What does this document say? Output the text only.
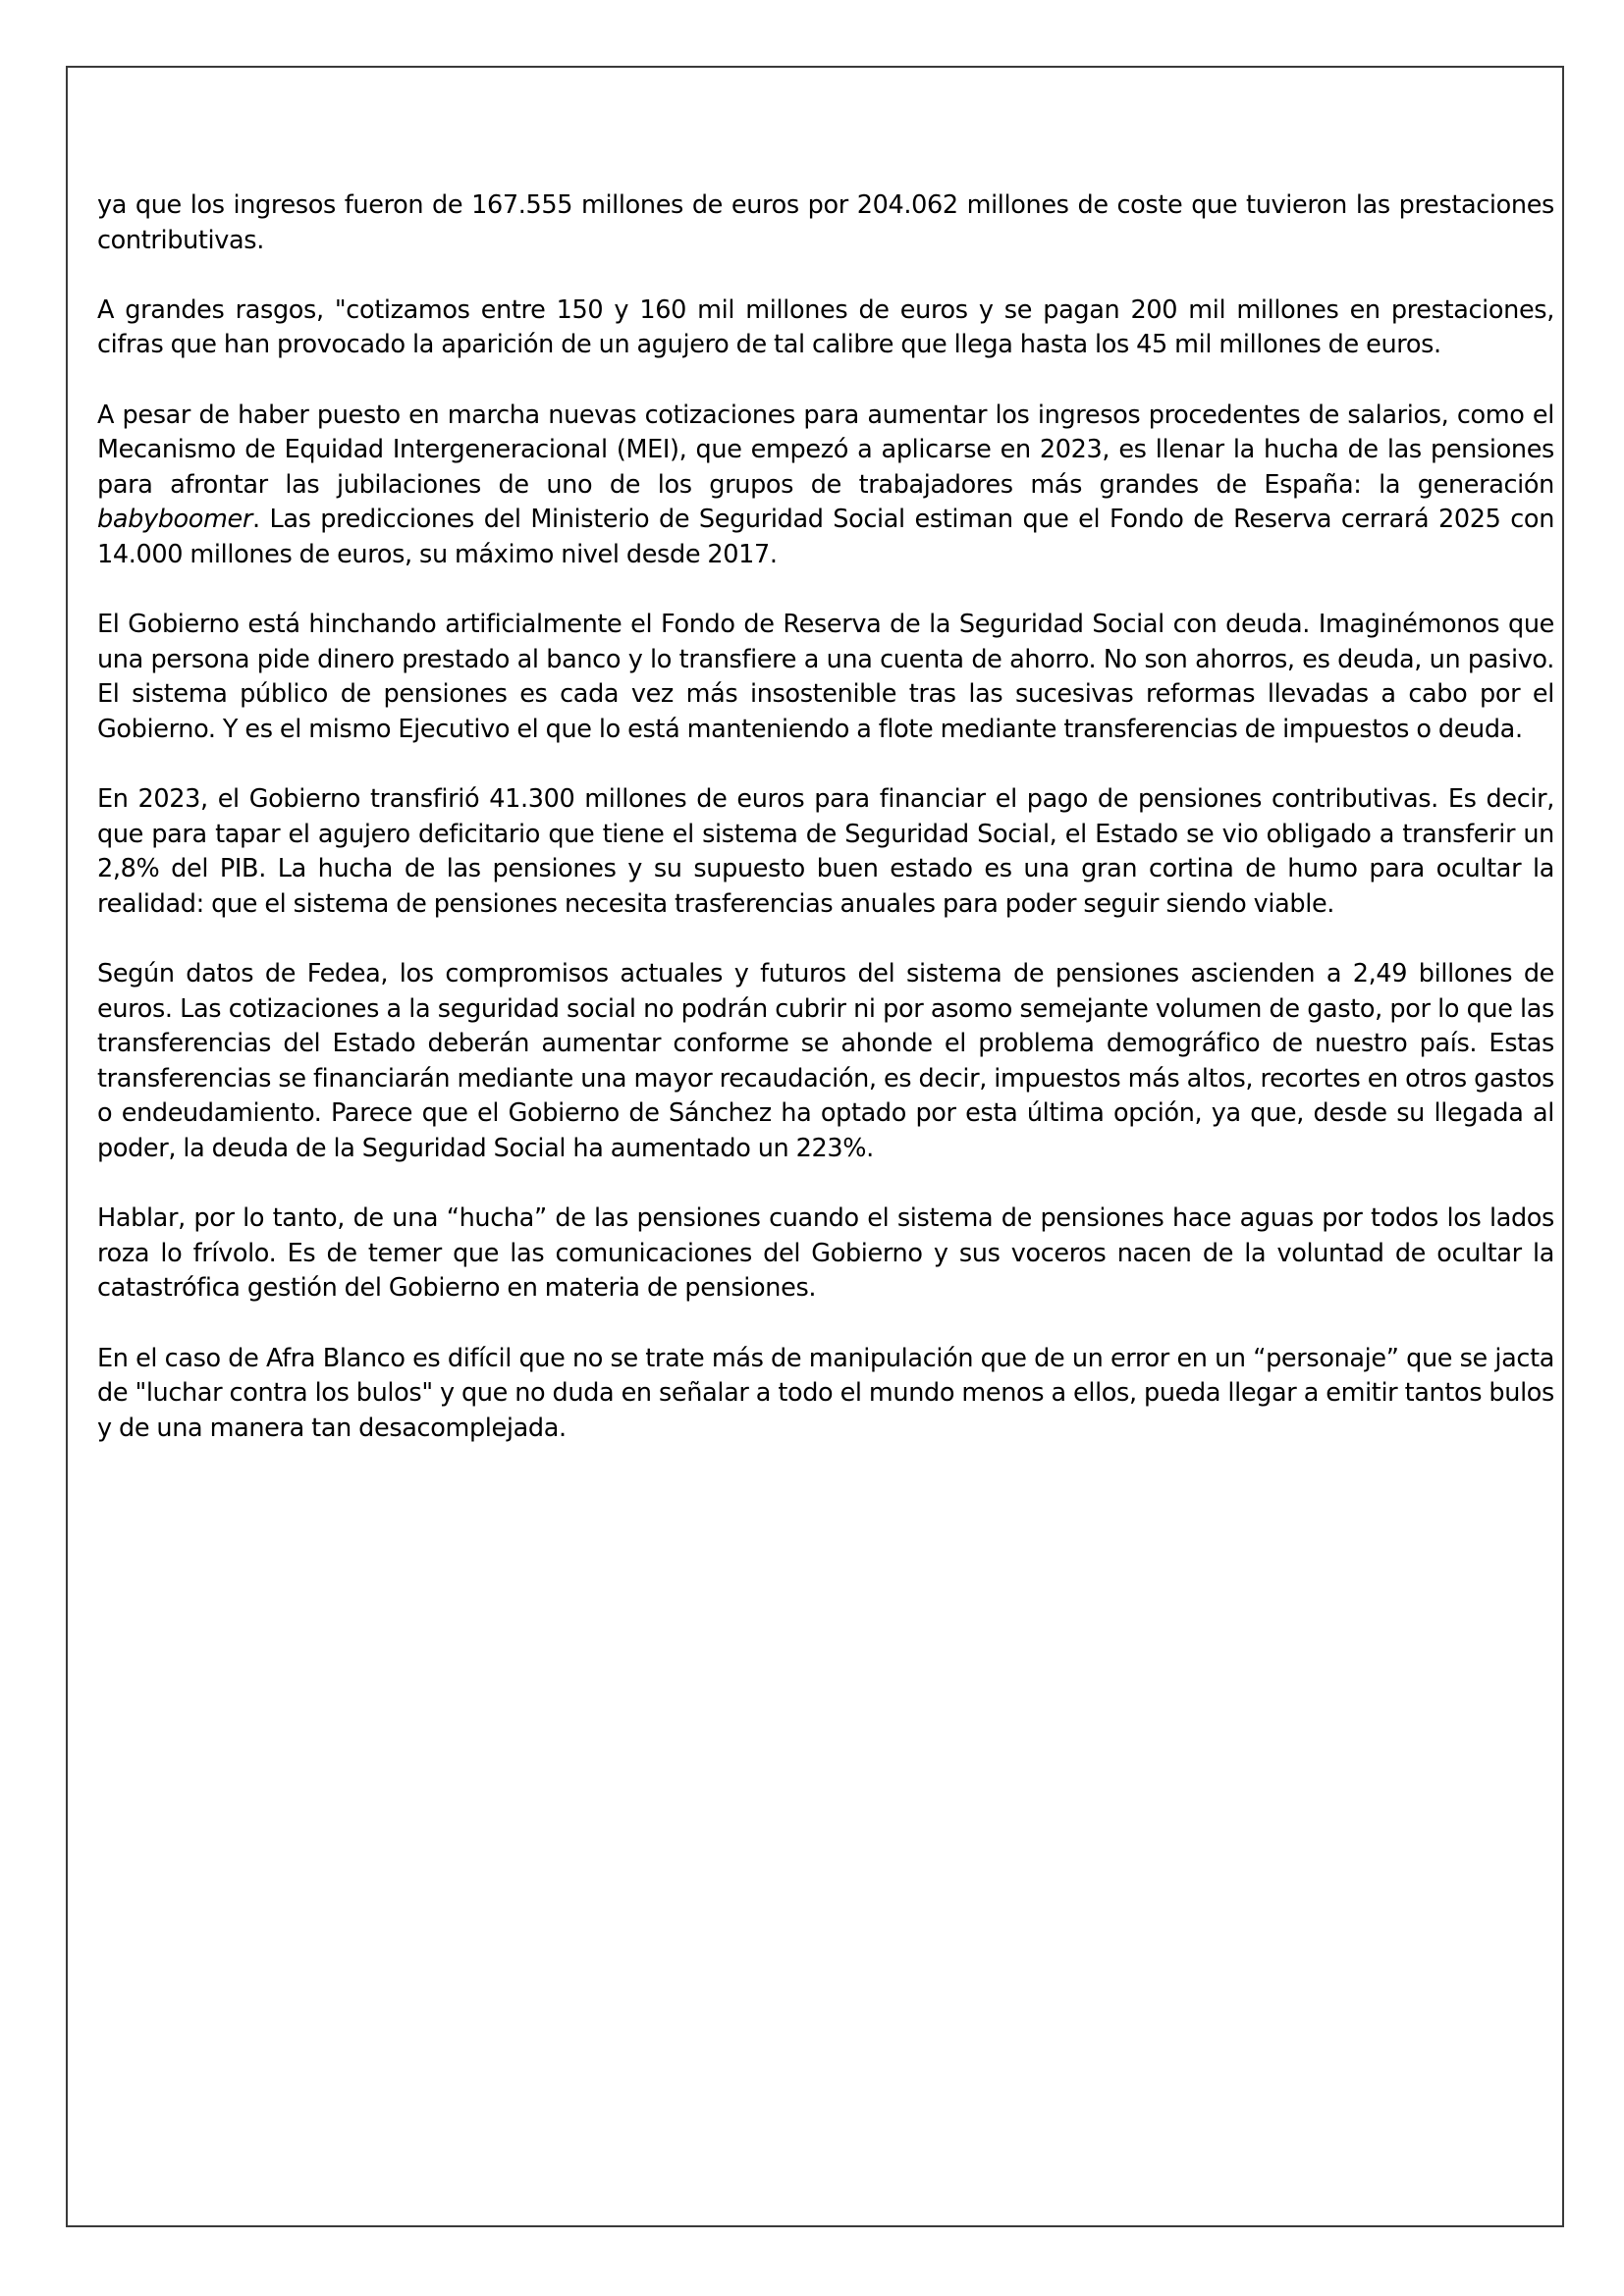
ya que los ingresos fueron de 167.555 millones de euros por 204.062 millones de coste que tuvieron las prestaciones contributivas.

A grandes rasgos, "cotizamos entre 150 y 160 mil millones de euros y se pagan 200 mil millones en prestaciones, cifras que han provocado la aparición de un agujero de tal calibre que llega hasta los 45 mil millones de euros.

A pesar de haber puesto en marcha nuevas cotizaciones para aumentar los ingresos procedentes de salarios, como el Mecanismo de Equidad Intergeneracional (MEI), que empezó a aplicarse en 2023, es llenar la hucha de las pensiones para afrontar las jubilaciones de uno de los grupos de trabajadores más grandes de España: la generación babyboomer. Las predicciones del Ministerio de Seguridad Social estiman que el Fondo de Reserva cerrará 2025 con 14.000 millones de euros, su máximo nivel desde 2017.

El Gobierno está hinchando artificialmente el Fondo de Reserva de la Seguridad Social con deuda. Imaginémonos que una persona pide dinero prestado al banco y lo transfiere a una cuenta de ahorro. No son ahorros, es deuda, un pasivo. El sistema público de pensiones es cada vez más insostenible tras las sucesivas reformas llevadas a cabo por el Gobierno. Y es el mismo Ejecutivo el que lo está manteniendo a flote mediante transferencias de impuestos o deuda.

En 2023, el Gobierno transfirió 41.300 millones de euros para financiar el pago de pensiones contributivas. Es decir, que para tapar el agujero deficitario que tiene el sistema de Seguridad Social, el Estado se vio obligado a transferir un 2,8% del PIB. La hucha de las pensiones y su supuesto buen estado es una gran cortina de humo para ocultar la realidad: que el sistema de pensiones necesita trasferencias anuales para poder seguir siendo viable.

Según datos de Fedea, los compromisos actuales y futuros del sistema de pensiones ascienden a 2,49 billones de euros. Las cotizaciones a la seguridad social no podrán cubrir ni por asomo semejante volumen de gasto, por lo que las transferencias del Estado deberán aumentar conforme se ahonde el problema demográfico de nuestro país. Estas transferencias se financiarán mediante una mayor recaudación, es decir, impuestos más altos, recortes en otros gastos o endeudamiento. Parece que el Gobierno de Sánchez ha optado por esta última opción, ya que, desde su llegada al poder, la deuda de la Seguridad Social ha aumentado un 223%.

Hablar, por lo tanto, de una “hucha” de las pensiones cuando el sistema de pensiones hace aguas por todos los lados roza lo frívolo. Es de temer que las comunicaciones del Gobierno y sus voceros nacen de la voluntad de ocultar la catastrófica gestión del Gobierno en materia de pensiones.

En el caso de Afra Blanco es difícil que no se trate más de manipulación que de un error en un “personaje” que se jacta de "luchar contra los bulos" y que no duda en señalar a todo el mundo menos a ellos, pueda llegar a emitir tantos bulos y de una manera tan desacomplejada.
